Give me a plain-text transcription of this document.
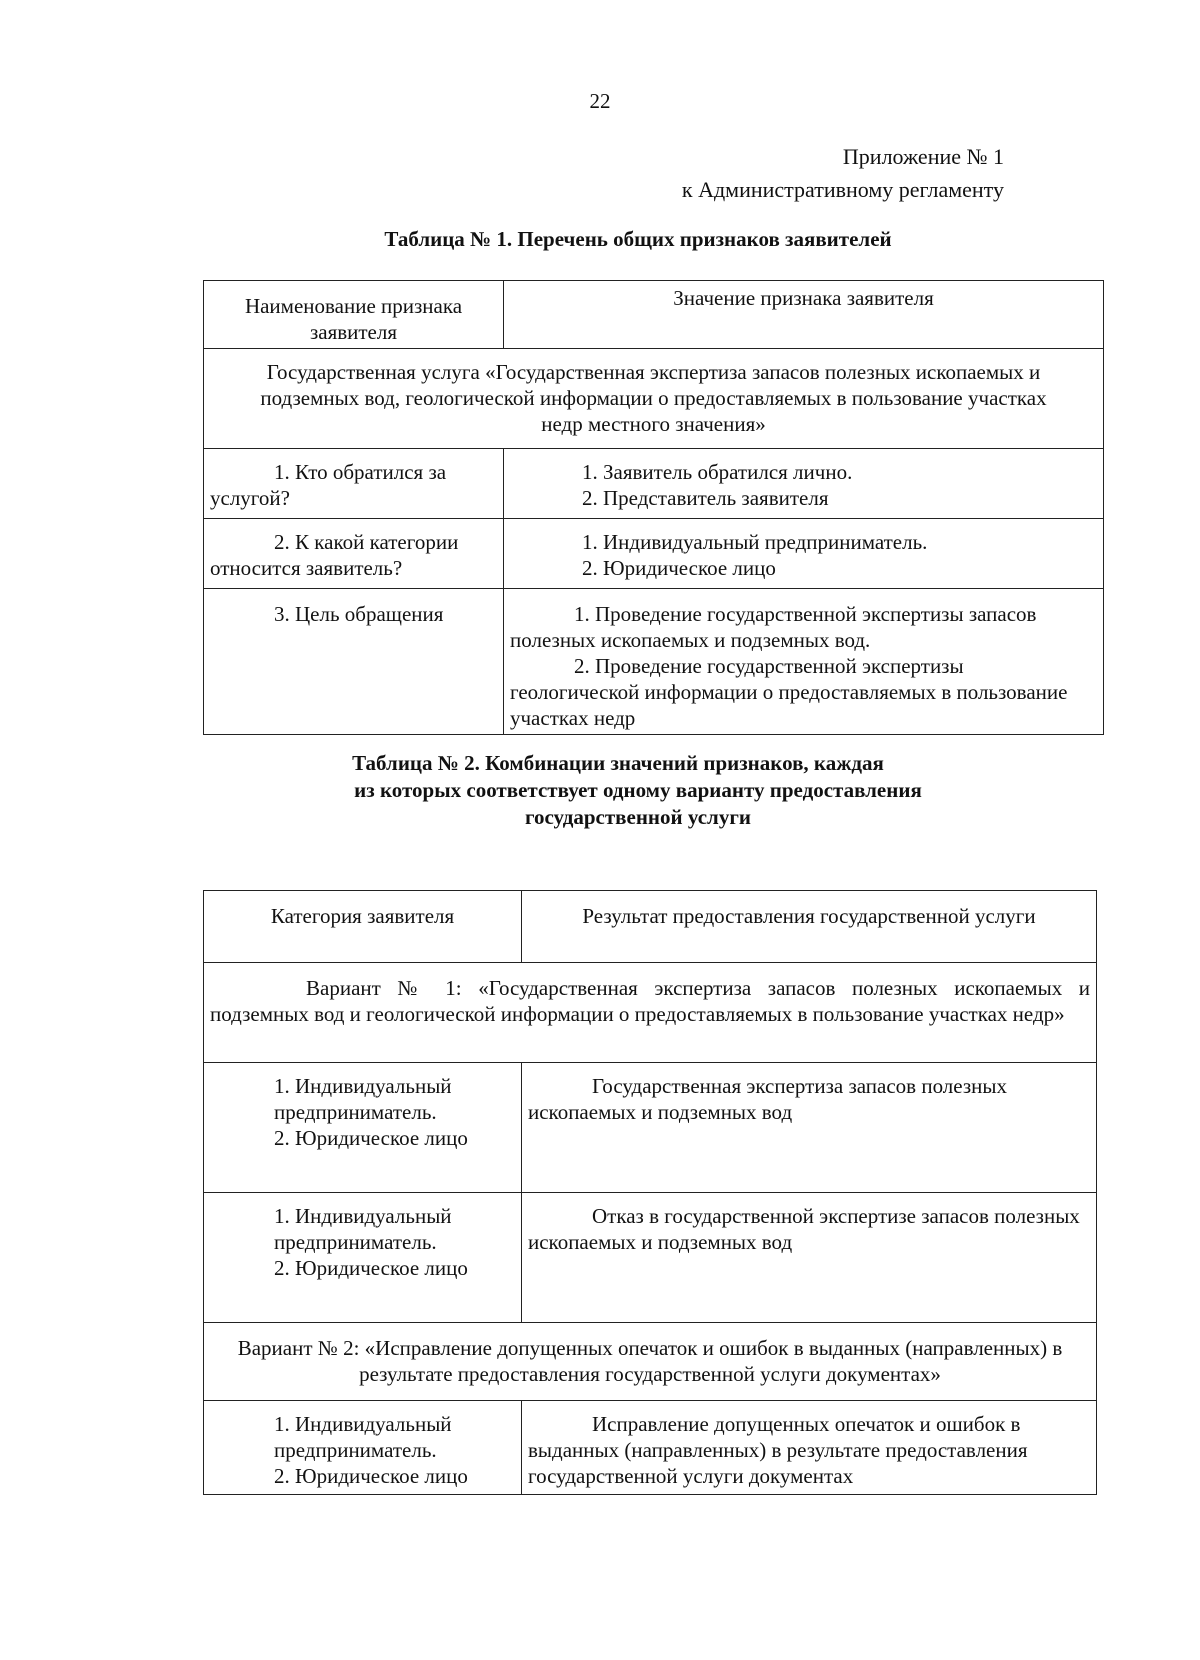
22
Приложение № 1
к Административному регламенту
Таблица № 1. Перечень общих признаков заявителей
Наименование признака заявителя	Значение признака заявителя
Государственная услуга «Государственная экспертиза запасов полезных ископаемых и подземных вод, геологической информации о предоставляемых в пользование участках недр местного значения»	
1. Кто обратился за услугой?	1. Заявитель обратился лично.
2. Представитель заявителя

2. К какой категории относится заявитель?	1. Индивидуальный предприниматель.
2. Юридическое лицо

3. Цель обращения	1. Проведение государственной экспертизы запасов полезных ископаемых и подземных вод.
2. Проведение государственной экспертизы геологической информации о предоставляемых в пользование участках недр
Таблица № 2. Комбинации значений признаков, каждая
из которых соответствует одному варианту предоставления
государственной услуги
Категория заявителя	Результат предоставления государственной услуги
Вариант № 1: «Государственная экспертиза запасов полезных ископаемых и подземных вод и геологической информации о предоставляемых в пользование участках недр»	

1. Индивидуальный предприниматель.
2. Юридическое лицо	Государственная экспертиза запасов полезных ископаемых и подземных вод

1. Индивидуальный предприниматель.
2. Юридическое лицо	Отказ в государственной экспертизе запасов полезных ископаемых и подземных вод
Вариант № 2: «Исправление допущенных опечаток и ошибок в выданных (направленных) в результате предоставления государственной услуги документах»	

1. Индивидуальный предприниматель.
2. Юридическое лицо	Исправление допущенных опечаток и ошибок в выданных (направленных) в результате предоставления государственной услуги документах
